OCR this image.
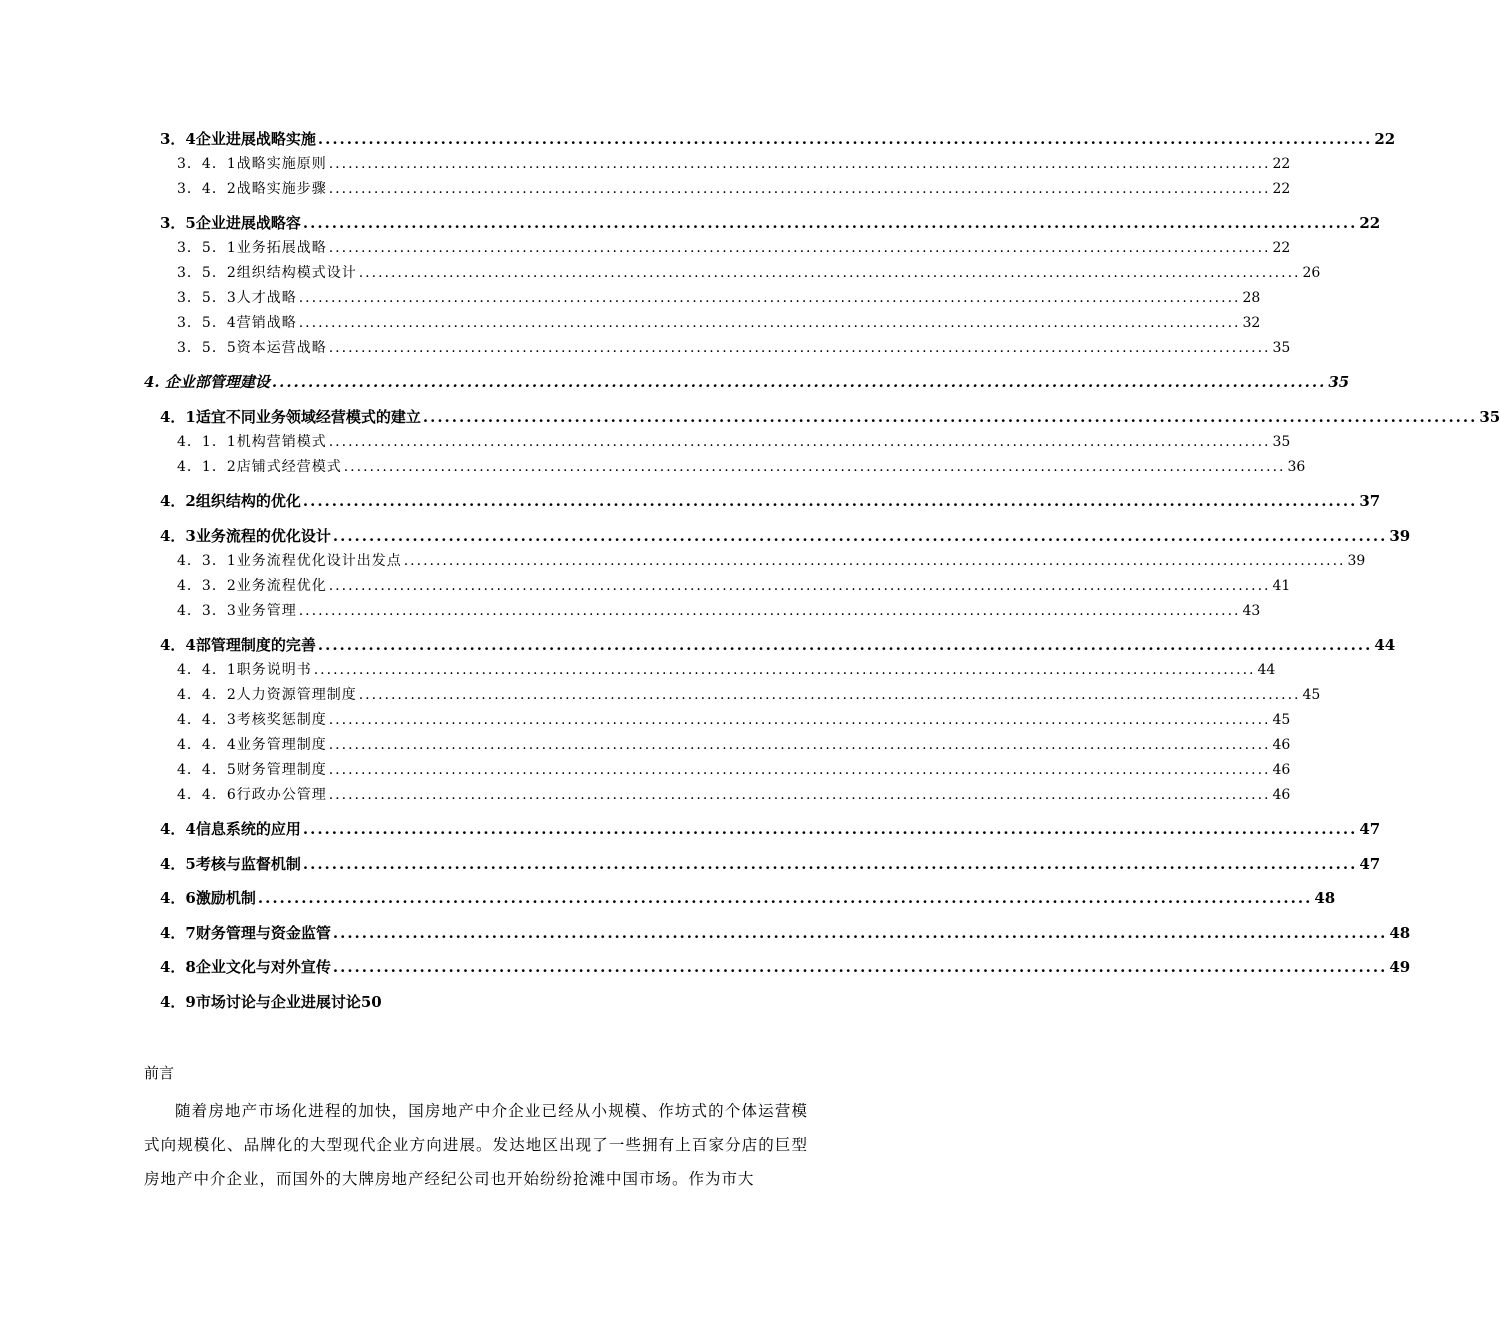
3．4企业进展战略实施 .................................................................................................................................................. 22
3．4．1战略实施原则 .................................................................................................................................................. 22
3．4．2战略实施步骤 .................................................................................................................................................. 22
3．5企业进展战略容 .................................................................................................................................................. 22
3．5．1业务拓展战略 .................................................................................................................................................. 22
3．5．2组织结构模式设计 .................................................................................................................................................. 26
3．5．3人才战略 .................................................................................................................................................. 28
3．5．4营销战略 .................................................................................................................................................. 32
3．5．5资本运营战略 .................................................................................................................................................. 35
4. 企业部管理建设 .................................................................................................................................................. 35
4．1适宜不同业务领域经营模式的建立 .................................................................................................................................................. 35
4．1．1机构营销模式 .................................................................................................................................................. 35
4．1．2店铺式经营模式 .................................................................................................................................................. 36
4．2组织结构的优化 .................................................................................................................................................. 37
4．3业务流程的优化设计 .................................................................................................................................................. 39
4．3．1业务流程优化设计出发点 .................................................................................................................................................. 39
4．3．2业务流程优化 .................................................................................................................................................. 41
4．3．3业务管理 .................................................................................................................................................. 43
4．4部管理制度的完善 .................................................................................................................................................. 44
4．4．1职务说明书 .................................................................................................................................................. 44
4．4．2人力资源管理制度 .................................................................................................................................................. 45
4．4．3考核奖惩制度 .................................................................................................................................................. 45
4．4．4业务管理制度 .................................................................................................................................................. 46
4．4．5财务管理制度 .................................................................................................................................................. 46
4．4．6行政办公管理 .................................................................................................................................................. 46
4．4信息系统的应用 .................................................................................................................................................. 47
4．5考核与监督机制 .................................................................................................................................................. 47
4．6激励机制 .................................................................................................................................................. 48
4．7财务管理与资金监管 .................................................................................................................................................. 48
4．8企业文化与对外宣传 .................................................................................................................................................. 49
4．9市场讨论与企业进展讨论50
前言

随着房地产市场化进程的加快，国房地产中介企业已经从小规模、作坊式的个体运营模式向规模化、品牌化的大型现代企业方向进展。发达地区出现了一些拥有上百家分店的巨型房地产中介企业，而国外的大牌房地产经纪公司也开始纷纷抢滩中国市场。作为市大
